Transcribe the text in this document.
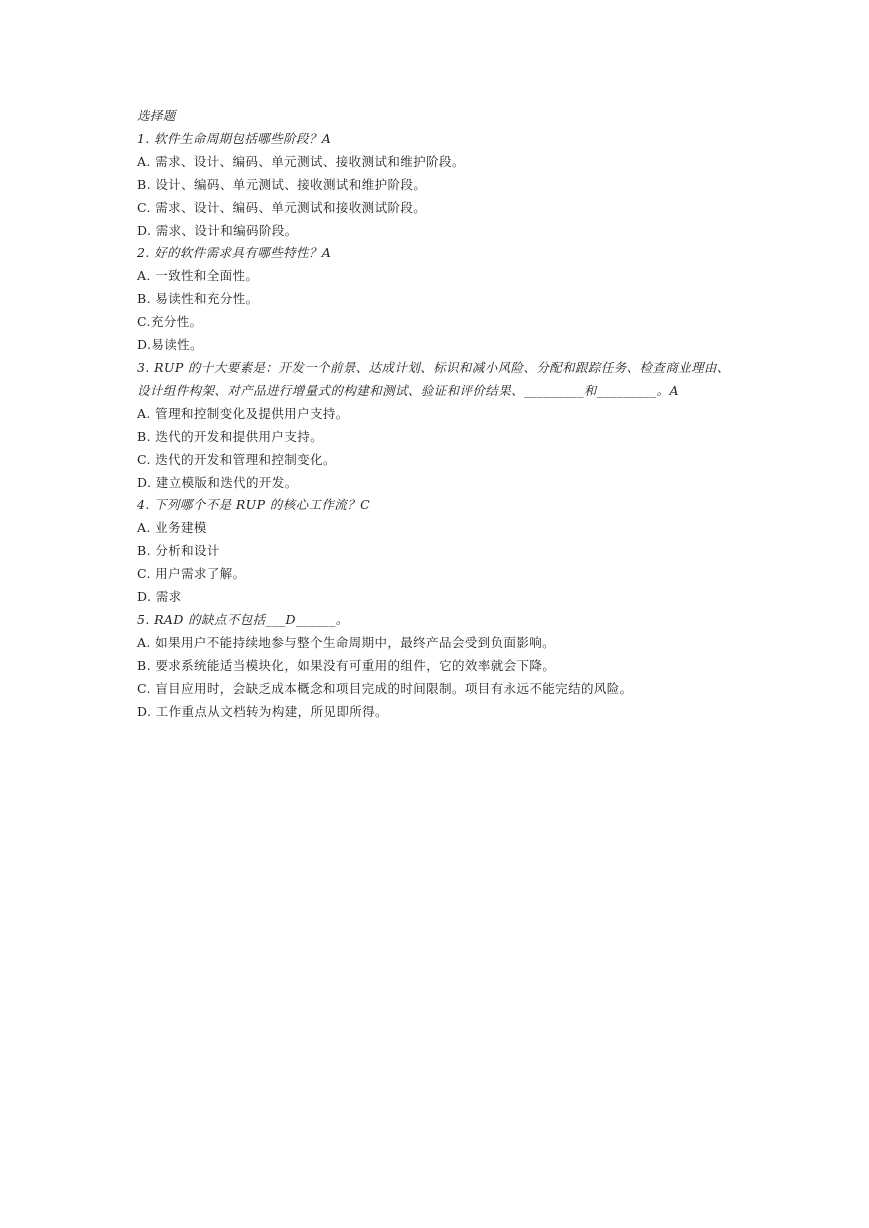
选择题
1. 软件生命周期包括哪些阶段？A
A. 需求、设计、编码、单元测试、接收测试和维护阶段。
B. 设计、编码、单元测试、接收测试和维护阶段。
C. 需求、设计、编码、单元测试和接收测试阶段。
D. 需求、设计和编码阶段。
2. 好的软件需求具有哪些特性？A
A. 一致性和全面性。
B. 易读性和充分性。
C.充分性。
D.易读性。
3. RUP 的十大要素是：开发一个前景、达成计划、标识和减小风险、分配和跟踪任务、检查商业理由、设计组件构架、对产品进行增量式的构建和测试、验证和评价结果、_________和_________。A
A. 管理和控制变化及提供用户支持。
B. 迭代的开发和提供用户支持。
C. 迭代的开发和管理和控制变化。
D. 建立模版和迭代的开发。
4. 下列哪个不是 RUP 的核心工作流？C
A. 业务建模
B. 分析和设计
C. 用户需求了解。
D. 需求
5. RAD 的缺点不包括___D______。
A. 如果用户不能持续地参与整个生命周期中，最终产品会受到负面影响。
B. 要求系统能适当模块化，如果没有可重用的组件，它的效率就会下降。
C. 盲目应用时，会缺乏成本概念和项目完成的时间限制。项目有永远不能完结的风险。
D. 工作重点从文档转为构建，所见即所得。
